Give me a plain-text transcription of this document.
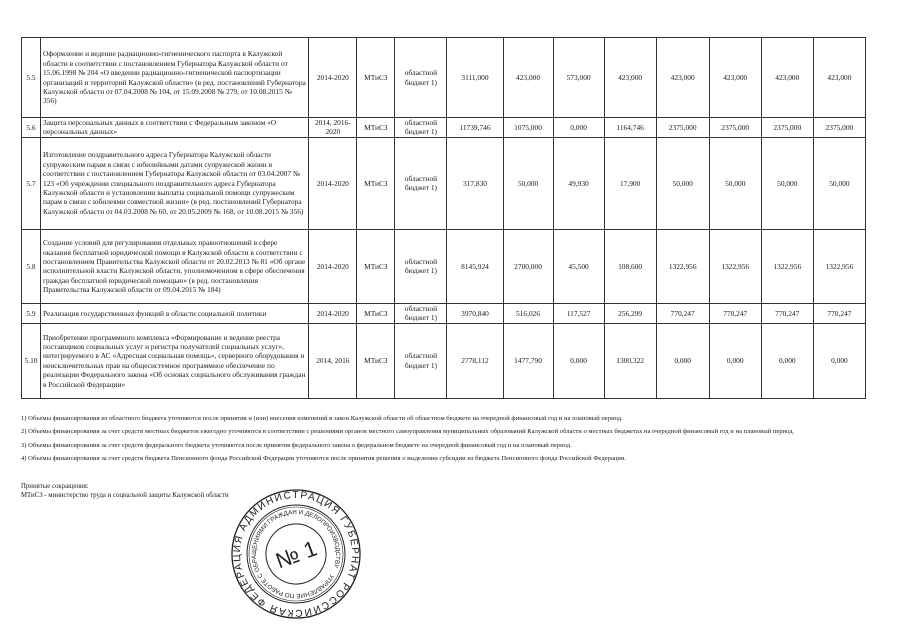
5.5	Оформление и ведение радиационно-гигиенического паспорта в Калужской области в соответствии с постановлением Губернатора Калужской области от 15.06.1998 № 204 «О введении радиационно-гигиенической паспортизации организаций и территорий Калужской области» (в ред. постановлений Губернатора Калужской области от 07.04.2008 № 104, от 15.09.2008 № 279, от 10.08.2015 № 356)	2014-2020	МТиСЗ	областной бюджет 1)	3111,000	423,000	573,000	423,000	423,000	423,000	423,000	423,000
5.6	Защита персональных данных в соответствии с Федеральным законом «О персональных данных»	2014, 2016-2020	МТиСЗ	областной бюджет 1)	11739,746	1075,000	0,000	1164,746	2375,000	2375,000	2375,000	2375,000
5.7	Изготовление поздравительного адреса Губернатора Калужской области супружеским парам в связи с юбилейными датами супружеской жизни в соответствии с постановлением Губернатора Калужской области от 03.04.2007 № 123 «Об учреждении специального поздравительного адреса Губернатора Калужской области и установлении выплаты социальной помощи супружеским парам в связи с юбилеями совместной жизни» (в ред. постановлений Губернатора Калужской области от 04.03.2008 № 60, от 20.05.2009 № 168, от 10.08.2015 № 356)	2014-2020	МТиСЗ	областной бюджет 1)	317,830	50,000	49,930	17,900	50,000	50,000	50,000	50,000
5.8	Создание условий для регулирования отдельных правоотношений в сфере оказания бесплатной юридической помощи в Калужской области в соответствии с постановлением Правительства Калужской области от 20.02.2013 № 81 «Об органе исполнительной власти Калужской области, уполномоченном в сфере обеспечения граждан бесплатной юридической помощью» (в ред. постановления Правительства Калужской области от 09.04.2015 № 184)	2014-2020	МТиСЗ	областной бюджет 1)	8145,924	2700,000	45,500	108,600	1322,956	1322,956	1322,956	1322,956
5.9	Реализация государственных функций в области социальной политики	2014-2020	МТиСЗ	областной бюджет 1)	3970,840	516,026	117,527	256,299	770,247	770,247	770,247	770,247
5.10	Приобретение программного комплекса «Формирование и ведение реестра поставщиков социальных услуг и регистра получателей социальных услуг», интегрируемого в АС «Адресная социальная помощь», серверного оборудования и неисключительных прав на общесистемное программное обеспечение по реализации Федерального закона «Об основах социального обслуживания граждан в Российской Федерации»	2014, 2016	МТиСЗ	областной бюджет 1)	2778,112	1477,790	0,000	1300,322	0,000	0,000	0,000	0,000

1) Объемы финансирования из областного бюджета уточняются после принятия и (или) внесения изменений в закон Калужской области об областном бюджете на очередной финансовый год и на плановый период.

2) Объемы финансирования за счет средств местных бюджетов ежегодно уточняются в соответствии с решениями органов местного самоуправления муниципальных образований Калужской области о местных бюджетах на очередной финансовый год и на плановый период.

3) Объемы финансирования за счет средств федерального бюджета уточняются после принятия федерального закона о федеральном бюджете на очередной финансовый год и на плановый период.

4) Объемы финансирования за счет средств бюджета Пенсионного фонда Российской Федерации уточняются после принятия решения о выделении субсидии из бюджета Пенсионного фонда Российской Федерации.

Принятые сокращения:
МТиСЗ - министерство труда и социальной защиты Калужской области
РОССИЙСКАЯ ФЕДЕРАЦИЯ АДМИНИСТРАЦИЯ ГУБЕРНАТОРА
УПРАВЛЕНИЕ ПО РАБОТЕ С ОБРАЩЕНИЯМИ ГРАЖДАН И ДЕЛОПРОИЗВОДСТВУ
№ 1
